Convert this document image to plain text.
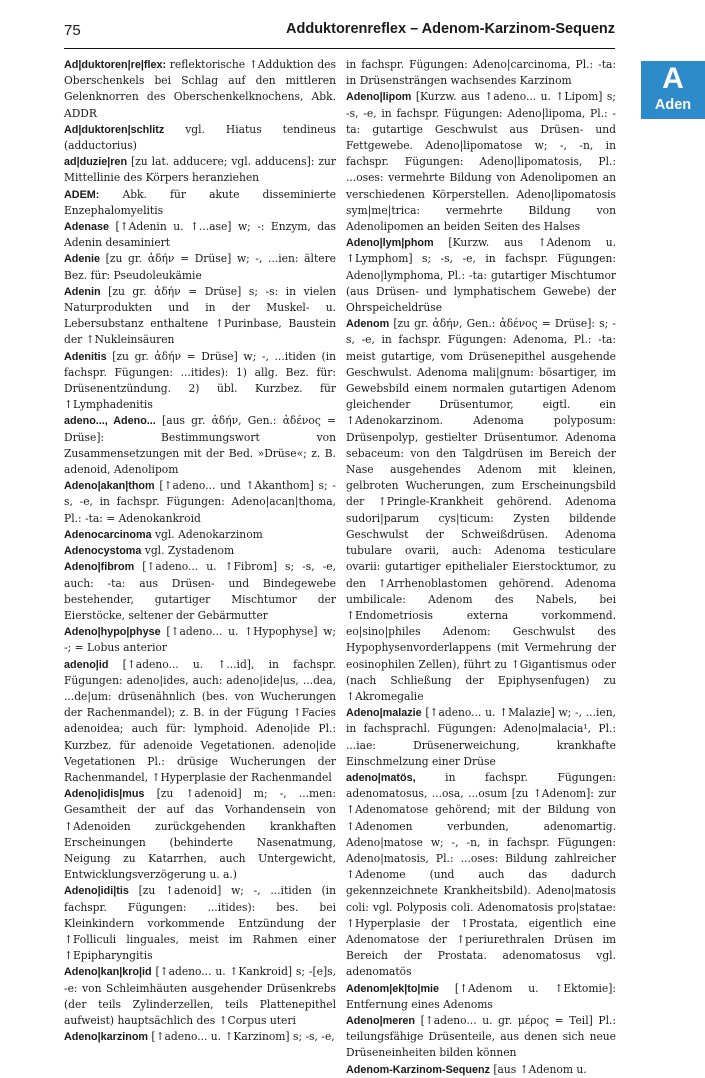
75	Adduktorenreflex – Adenom-Karzinom-Sequenz
A
Aden

Ad|duktoren|re|flex: reflektorische ↑Adduktion des Oberschenkels bei Schlag auf den mittleren Gelenknorren des Oberschenkelknochens, Abk. ADDR

Ad|duktoren|schlitz vgl. Hiatus tendineus (adductorius)

ad|duzie|ren [zu lat. adducere; vgl. adducens]: zur Mittellinie des Körpers heranziehen

ADEM: Abk. für akute disseminierte Enzephalomyelitis

Adenase [↑Adenin u. ↑...ase] w; -: Enzym, das Adenin desaminiert

Adenie [zu gr. ἀδήν = Drüse] w; -, ...ien: ältere Bez. für: Pseudoleukämie

Adenin [zu gr. ἀδήν = Drüse] s; -s: in vielen Naturprodukten und in der Muskel- u. Lebersubstanz enthaltene ↑Purinbase, Baustein der ↑Nukleinsäuren

Adenitis [zu gr. ἀδήν = Drüse] w; -, ...itiden (in fachspr. Fügungen: ...itides): 1) allg. Bez. für: Drüsenentzündung. 2) übl. Kurzbez. für ↑Lymphadenitis

adeno..., Adeno... [aus gr. ἀδήν, Gen.: ἀδένος = Drüse]: Bestimmungswort von Zusammensetzungen mit der Bed. »Drüse«; z. B. adenoid, Adenolipom

Adeno|akan|thom [↑adeno... und ↑Akanthom] s; -s, -e, in fachspr. Fügungen: Adeno|acan|thoma, Pl.: -ta: = Adenokankroid

Adenocarcinoma vgl. Adenokarzinom

Adenocystoma vgl. Zystadenom

Adeno|fibrom [↑adeno... u. ↑Fibrom] s; -s, -e, auch: -ta: aus Drüsen- und Bindegewebe bestehender, gutartiger Mischtumor der Eierstöcke, seltener der Gebärmutter

Adeno|hypo|physe [↑adeno... u. ↑Hypophyse] w; -; = Lobus anterior

adeno|id [↑adeno... u. ↑...id], in fachspr. Fügungen: adeno|ides, auch: adeno|ide|us, ...dea, ...de|um: drüsenähnlich (bes. von Wucherungen der Rachenmandel); z. B. in der Fügung ↑Facies adenoidea; auch für: lymphoid. Adeno|ide Pl.: Kurzbez. für adenoide Vegetationen. adeno|ide Vegetationen Pl.: drüsige Wucherungen der Rachenmandel, ↑Hyperplasie der Rachenmandel

Adeno|idis|mus [zu ↑adenoid] m; -, ...men: Gesamtheit der auf das Vorhandensein von ↑Adenoiden zurückgehenden krankhaften Erscheinungen (behinderte Nasenatmung, Neigung zu Katarrhen, auch Untergewicht, Entwicklungsverzögerung u. a.)

Adeno|idi|tis [zu ↑adenoid] w; -, ...itiden (in fachspr. Fügungen: ...itides): bes. bei Kleinkindern vorkommende Entzündung der ↑Folliculi linguales, meist im Rahmen einer ↑Epipharyngitis

Adeno|kan|kro|id [↑adeno... u. ↑Kankroid] s; -[e]s, -e: von Schleimhäuten ausgehender Drüsenkrebs (der teils Zylinderzellen, teils Plattenepithel aufweist) hauptsächlich des ↑Corpus uteri

Adeno|karzinom [↑adeno... u. ↑Karzinom] s; -s, -e,

in fachspr. Fügungen: Adeno|carcinoma, Pl.: -ta: in Drüsensträngen wachsendes Karzinom

Adeno|lipom [Kurzw. aus ↑adeno... u. ↑Lipom] s; -s, -e, in fachspr. Fügungen: Adeno|lipoma, Pl.: -ta: gutartige Geschwulst aus Drüsen- und Fettgewebe. Adeno|lipomatose w; -, -n, in fachspr. Fügungen: Adeno|lipomatosis, Pl.: ...oses: vermehrte Bildung von Adenolipomen an verschiedenen Körperstellen. Adeno|lipomatosis sym|me|trica: vermehrte Bildung von Adenolipomen an beiden Seiten des Halses

Adeno|lym|phom [Kurzw. aus ↑Adenom u. ↑Lymphom] s; -s, -e, in fachspr. Fügungen: Adeno|lymphoma, Pl.: -ta: gutartiger Mischtumor (aus Drüsen- und lymphatischem Gewebe) der Ohrspeicheldrüse

Adenom [zu gr. ἀδήν, Gen.: ἀδένος = Drüse]: s; -s, -e, in fachspr. Fügungen: Adenoma, Pl.: -ta: meist gutartige, vom Drüsenepithel ausgehende Geschwulst. Adenoma mali|gnum: bösartiger, im Gewebsbild einem normalen gutartigen Adenom gleichender Drüsentumor, eigtl. ein ↑Adenokarzinom. Adenoma polyposum: Drüsenpolyp, gestielter Drüsentumor. Adenoma sebaceum: von den Talgdrüsen im Bereich der Nase ausgehendes Adenom mit kleinen, gelbroten Wucherungen, zum Erscheinungsbild der ↑Pringle-Krankheit gehörend. Adenoma sudori|parum cys|ticum: Zysten bildende Geschwulst der Schweißdrüsen. Adenoma tubulare ovarii, auch: Adenoma testiculare ovarii: gutartiger epithelialer Eierstocktumor, zu den ↑Arrhenoblastomen gehörend. Adenoma umbilicale: Adenom des Nabels, bei ↑Endometriosis externa vorkommend. eo|sino|philes Adenom: Geschwulst des Hypophysenvorderlappens (mit Vermehrung der eosinophilen Zellen), führt zu ↑Gigantismus oder (nach Schließung der Epiphysenfugen) zu ↑Akromegalie

Adeno|malazie [↑adeno... u. ↑Malazie] w; -, ...ien, in fachsprachl. Fügungen: Adeno|malacia¹, Pl.: ...iae: Drüsenerweichung, krankhafte Einschmelzung einer Drüse

adeno|matös, in fachspr. Fügungen: adenomatosus, ...osa, ...osum [zu ↑Adenom]: zur ↑Adenomatose gehörend; mit der Bildung von ↑Adenomen verbunden, adenomartig. Adeno|matose w; -, -n, in fachspr. Fügungen: Adeno|matosis, Pl.: ...oses: Bildung zahlreicher ↑Adenome (und auch das dadurch gekennzeichnete Krankheitsbild). Adeno|matosis coli: vgl. Polyposis coli. Adenomatosis pro|statae: ↑Hyperplasie der ↑Prostata, eigentlich eine Adenomatose der ↑periurethralen Drüsen im Bereich der Prostata. adenomatosus vgl. adenomatös

Adenom|ek|to|mie [↑Adenom u. ↑Ektomie]: Entfernung eines Adenoms

Adeno|meren [↑adeno... u. gr. μέρος = Teil] Pl.: teilungsfähige Drüsenteile, aus denen sich neue Drüseneinheiten bilden können

Adenom-Karzinom-Sequenz [aus ↑Adenom u.
